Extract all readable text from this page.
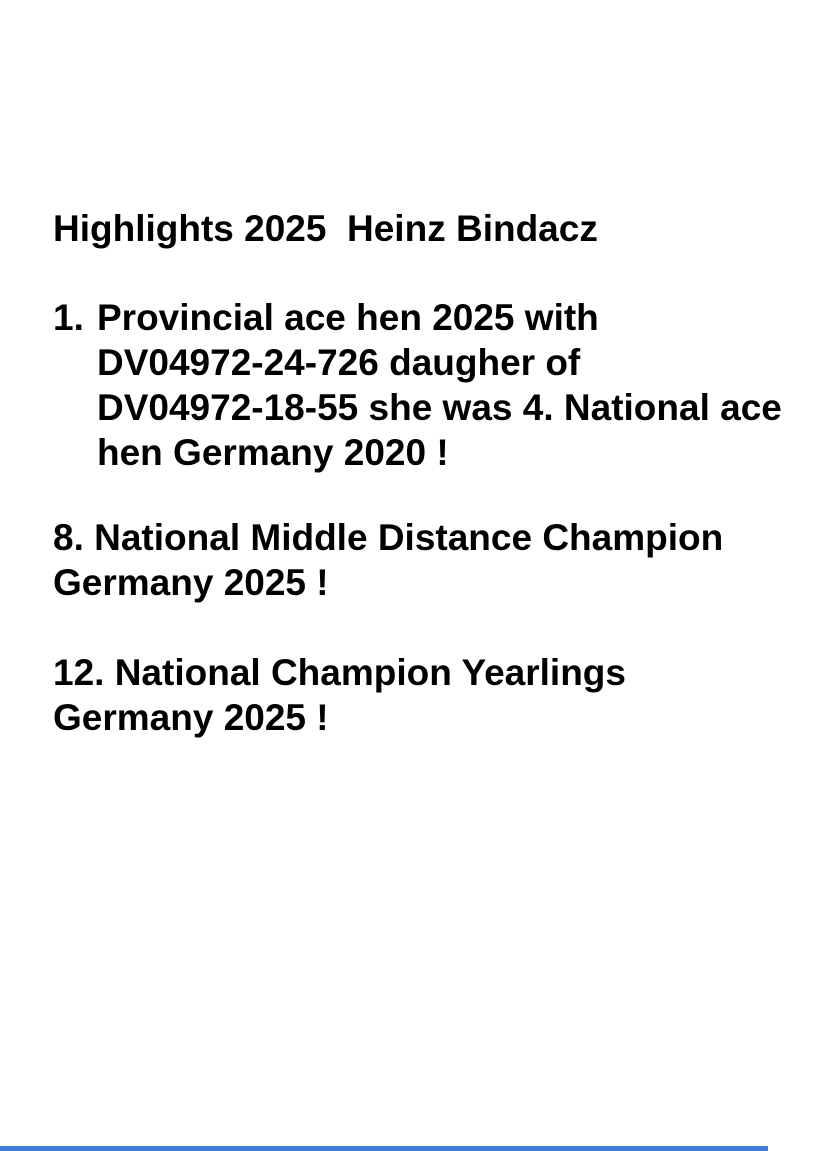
Highlights 2025  Heinz Bindacz
1. Provincial ace hen 2025 with
DV04972-24-726 daugher of
DV04972-18-55 she was 4. National ace
hen Germany 2020 !
8. National Middle Distance Champion
Germany 2025 !
12. National Champion Yearlings
Germany 2025 !
